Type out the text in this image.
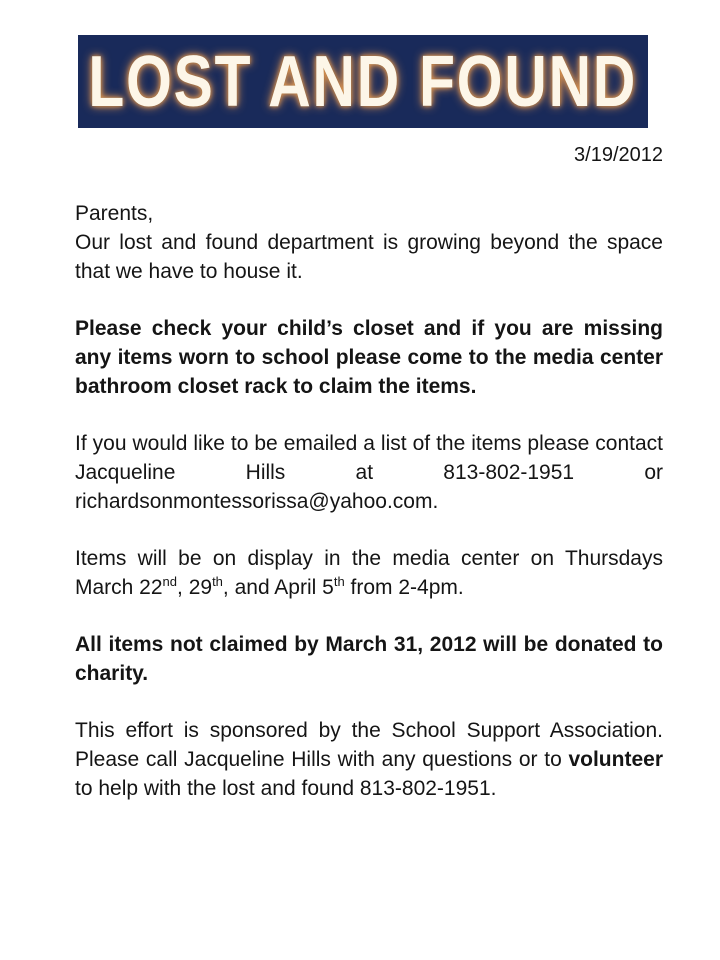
LOST AND FOUND
3/19/2012

Parents,

Our lost and found department is growing beyond the space that we have to house it.

Please check your child’s closet and if you are missing any items worn to school please come to the media center bathroom closet rack to claim the items.

If you would like to be emailed a list of the items please contact Jacqueline Hills at 813-802-1951 or richardsonmontessorissa@yahoo.com.

Items will be on display in the media center on Thursdays March 22nd, 29th, and April 5th from 2-4pm.

All items not claimed by March 31, 2012 will be donated to charity.

This effort is sponsored by the School Support Association. Please call Jacqueline Hills with any questions or to volunteer to help with the lost and found 813-802-1951.
